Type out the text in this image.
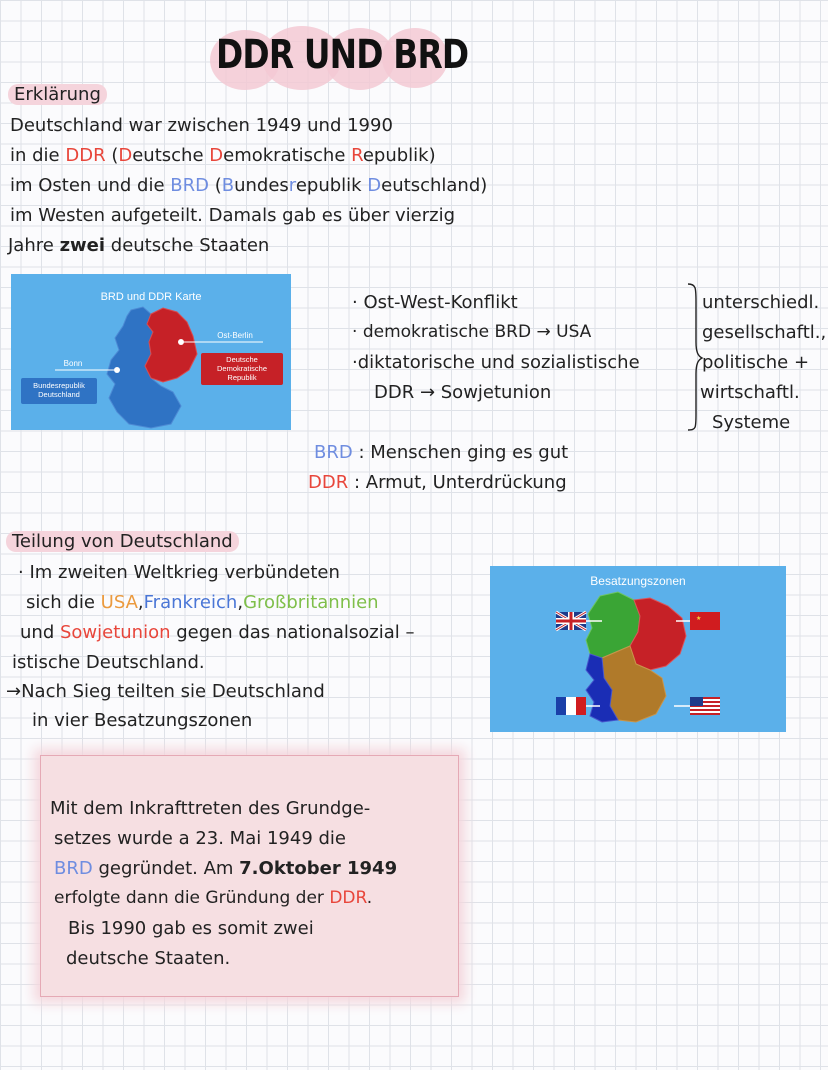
DDR UND BRD
Erklärung
Deutschland war zwischen 1949 und 1990
in die DDR (Deutsche Demokratische Republik)
im Osten und die BRD (Bundesrepublik Deutschland)
im Westen aufgeteilt. Damals gab es über vierzig
Jahre zwei deutsche Staaten
BRD und DDR Karte
Ost-Berlin
Deutsche Demokratische Republik
Bonn
Bundesrepublik Deutschland
· Ost-West-Konflikt
· demokratische BRD → USA
·diktatorische und sozialistische
DDR → Sowjetunion
unterschiedl.
gesellschaftl.,
politische +
wirtschaftl.
Systeme
BRD : Menschen ging es gut
DDR : Armut, Unterdrückung
Teilung von Deutschland
· Im zweiten Weltkrieg verbündeten
sich die USA,Frankreich,Großbritannien
und Sowjetunion gegen das nationalsozial –
istische Deutschland.
→Nach Sieg teilten sie Deutschland
in vier Besatzungszonen
Besatzungszonen
★
Mit dem Inkrafttreten des Grundge-
setzes wurde a 23. Mai 1949 die
BRD gegründet. Am 7.Oktober 1949
erfolgte dann die Gründung der DDR.
Bis 1990 gab es somit zwei
deutsche Staaten.
